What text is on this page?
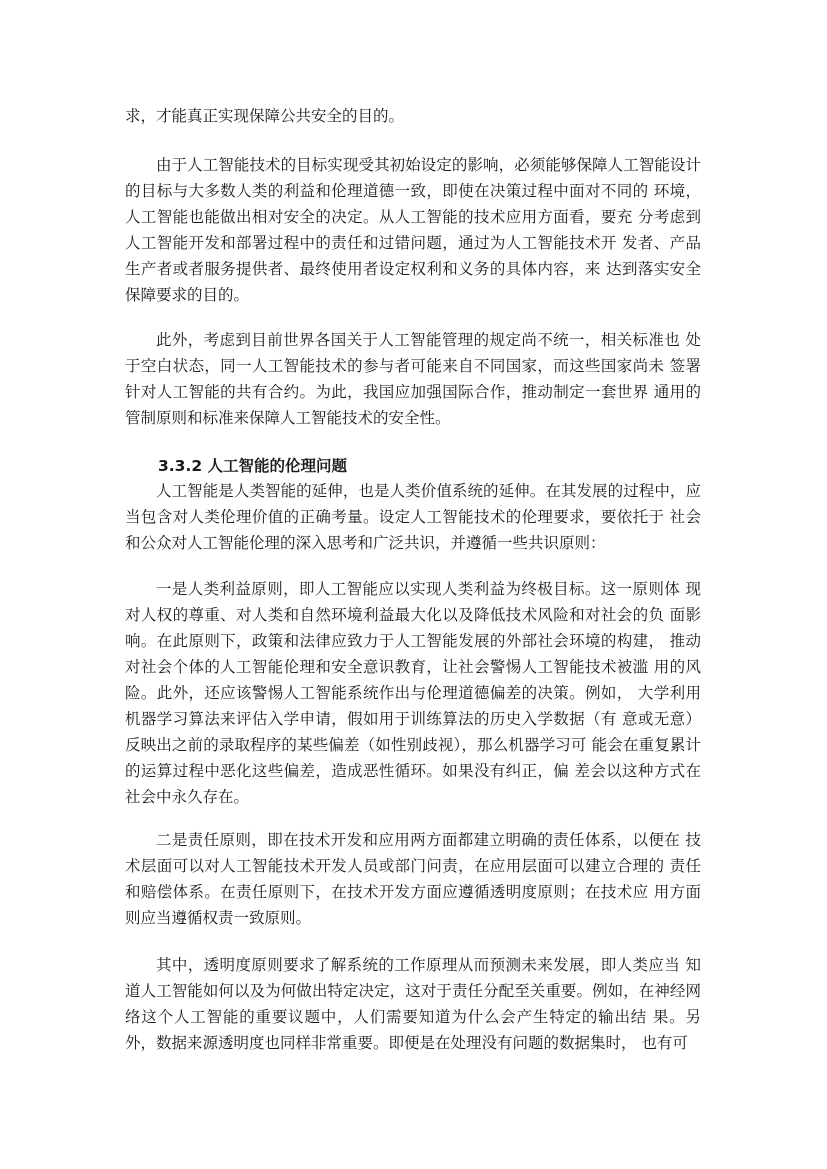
求，才能真正实现保障公共安全的目的。

由于人工智能技术的目标实现受其初始设定的影响，必须能够保障人工智能设计的目标与大多数人类的利益和伦理道德一致，即使在决策过程中面对不同的 环境，人工智能也能做出相对安全的决定。从人工智能的技术应用方面看，要充 分考虑到人工智能开发和部署过程中的责任和过错问题，通过为人工智能技术开 发者、产品生产者或者服务提供者、最终使用者设定权利和义务的具体内容，来 达到落实安全保障要求的目的。

此外，考虑到目前世界各国关于人工智能管理的规定尚不统一，相关标准也 处于空白状态，同一人工智能技术的参与者可能来自不同国家，而这些国家尚未 签署针对人工智能的共有合约。为此，我国应加强国际合作，推动制定一套世界 通用的管制原则和标准来保障人工智能技术的安全性。

3.3.2 人工智能的伦理问题

人工智能是人类智能的延伸，也是人类价值系统的延伸。在其发展的过程中，应当包含对人类伦理价值的正确考量。设定人工智能技术的伦理要求，要依托于 社会和公众对人工智能伦理的深入思考和广泛共识，并遵循一些共识原则：

一是人类利益原则，即人工智能应以实现人类利益为终极目标。这一原则体 现对人权的尊重、对人类和自然环境利益最大化以及降低技术风险和对社会的负 面影响。在此原则下，政策和法律应致力于人工智能发展的外部社会环境的构建， 推动对社会个体的人工智能伦理和安全意识教育，让社会警惕人工智能技术被滥 用的风险。此外，还应该警惕人工智能系统作出与伦理道德偏差的决策。例如， 大学利用机器学习算法来评估入学申请，假如用于训练算法的历史入学数据（有 意或无意）反映出之前的录取程序的某些偏差（如性别歧视），那么机器学习可 能会在重复累计的运算过程中恶化这些偏差，造成恶性循环。如果没有纠正，偏 差会以这种方式在社会中永久存在。

二是责任原则，即在技术开发和应用两方面都建立明确的责任体系，以便在 技术层面可以对人工智能技术开发人员或部门问责，在应用层面可以建立合理的 责任和赔偿体系。在责任原则下，在技术开发方面应遵循透明度原则；在技术应 用方面则应当遵循权责一致原则。

其中，透明度原则要求了解系统的工作原理从而预测未来发展，即人类应当 知道人工智能如何以及为何做出特定决定，这对于责任分配至关重要。例如，在神经网络这个人工智能的重要议题中，人们需要知道为什么会产生特定的输出结 果。另外，数据来源透明度也同样非常重要。即便是在处理没有问题的数据集时， 也有可
